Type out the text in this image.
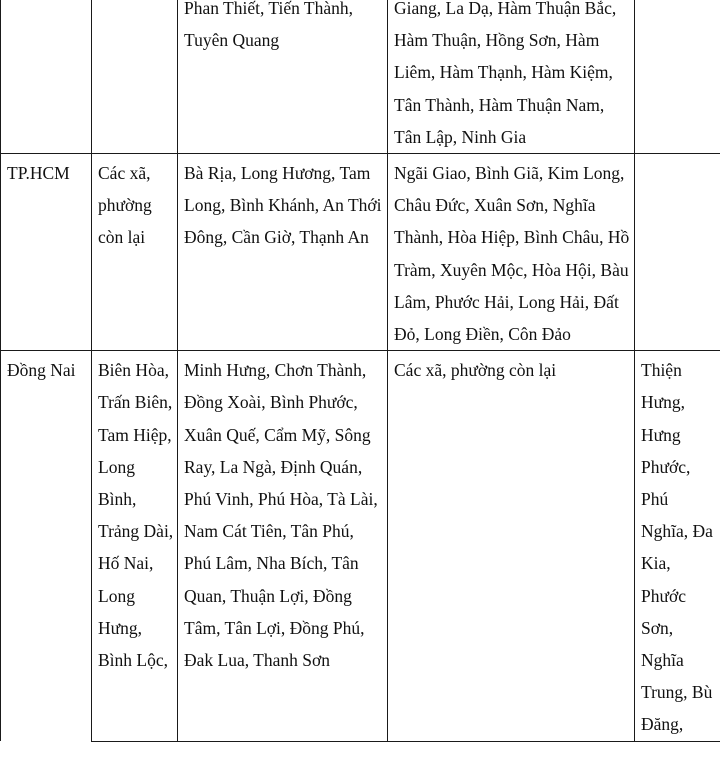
		Phan Thiết, Tiến Thành, Tuyên Quang	Giang, La Dạ, Hàm Thuận Bắc, Hàm Thuận, Hồng Sơn, Hàm Liêm, Hàm Thạnh, Hàm Kiệm, Tân Thành, Hàm Thuận Nam, Tân Lập, Ninh Gia	

TP.HCM	Các xã, phường còn lại	Bà Rịa, Long Hương, Tam Long, Bình Khánh, An Thới Đông, Cần Giờ, Thạnh An	Ngãi Giao, Bình Giã, Kim Long, Châu Đức, Xuân Sơn, Nghĩa Thành, Hòa Hiệp, Bình Châu, Hồ Tràm, Xuyên Mộc, Hòa Hội, Bàu Lâm, Phước Hải, Long Hải, Đất Đỏ, Long Điền, Côn Đảo	

Đồng Nai	Biên Hòa, Trấn Biên, Tam Hiệp, Long Bình, Trảng Dài, Hố Nai, Long Hưng, Bình Lộc,	Minh Hưng, Chơn Thành, Đồng Xoài, Bình Phước, Xuân Quế, Cẩm Mỹ, Sông Ray, La Ngà, Định Quán, Phú Vinh, Phú Hòa, Tà Lài, Nam Cát Tiên, Tân Phú, Phú Lâm, Nha Bích, Tân Quan, Thuận Lợi, Đồng Tâm, Tân Lợi, Đồng Phú, Đak Lua, Thanh Sơn	Các xã, phường còn lại	Thiện Hưng, Hưng Phước, Phú Nghĩa, Đa Kia, Phước Sơn, Nghĩa Trung, Bù Đăng,
